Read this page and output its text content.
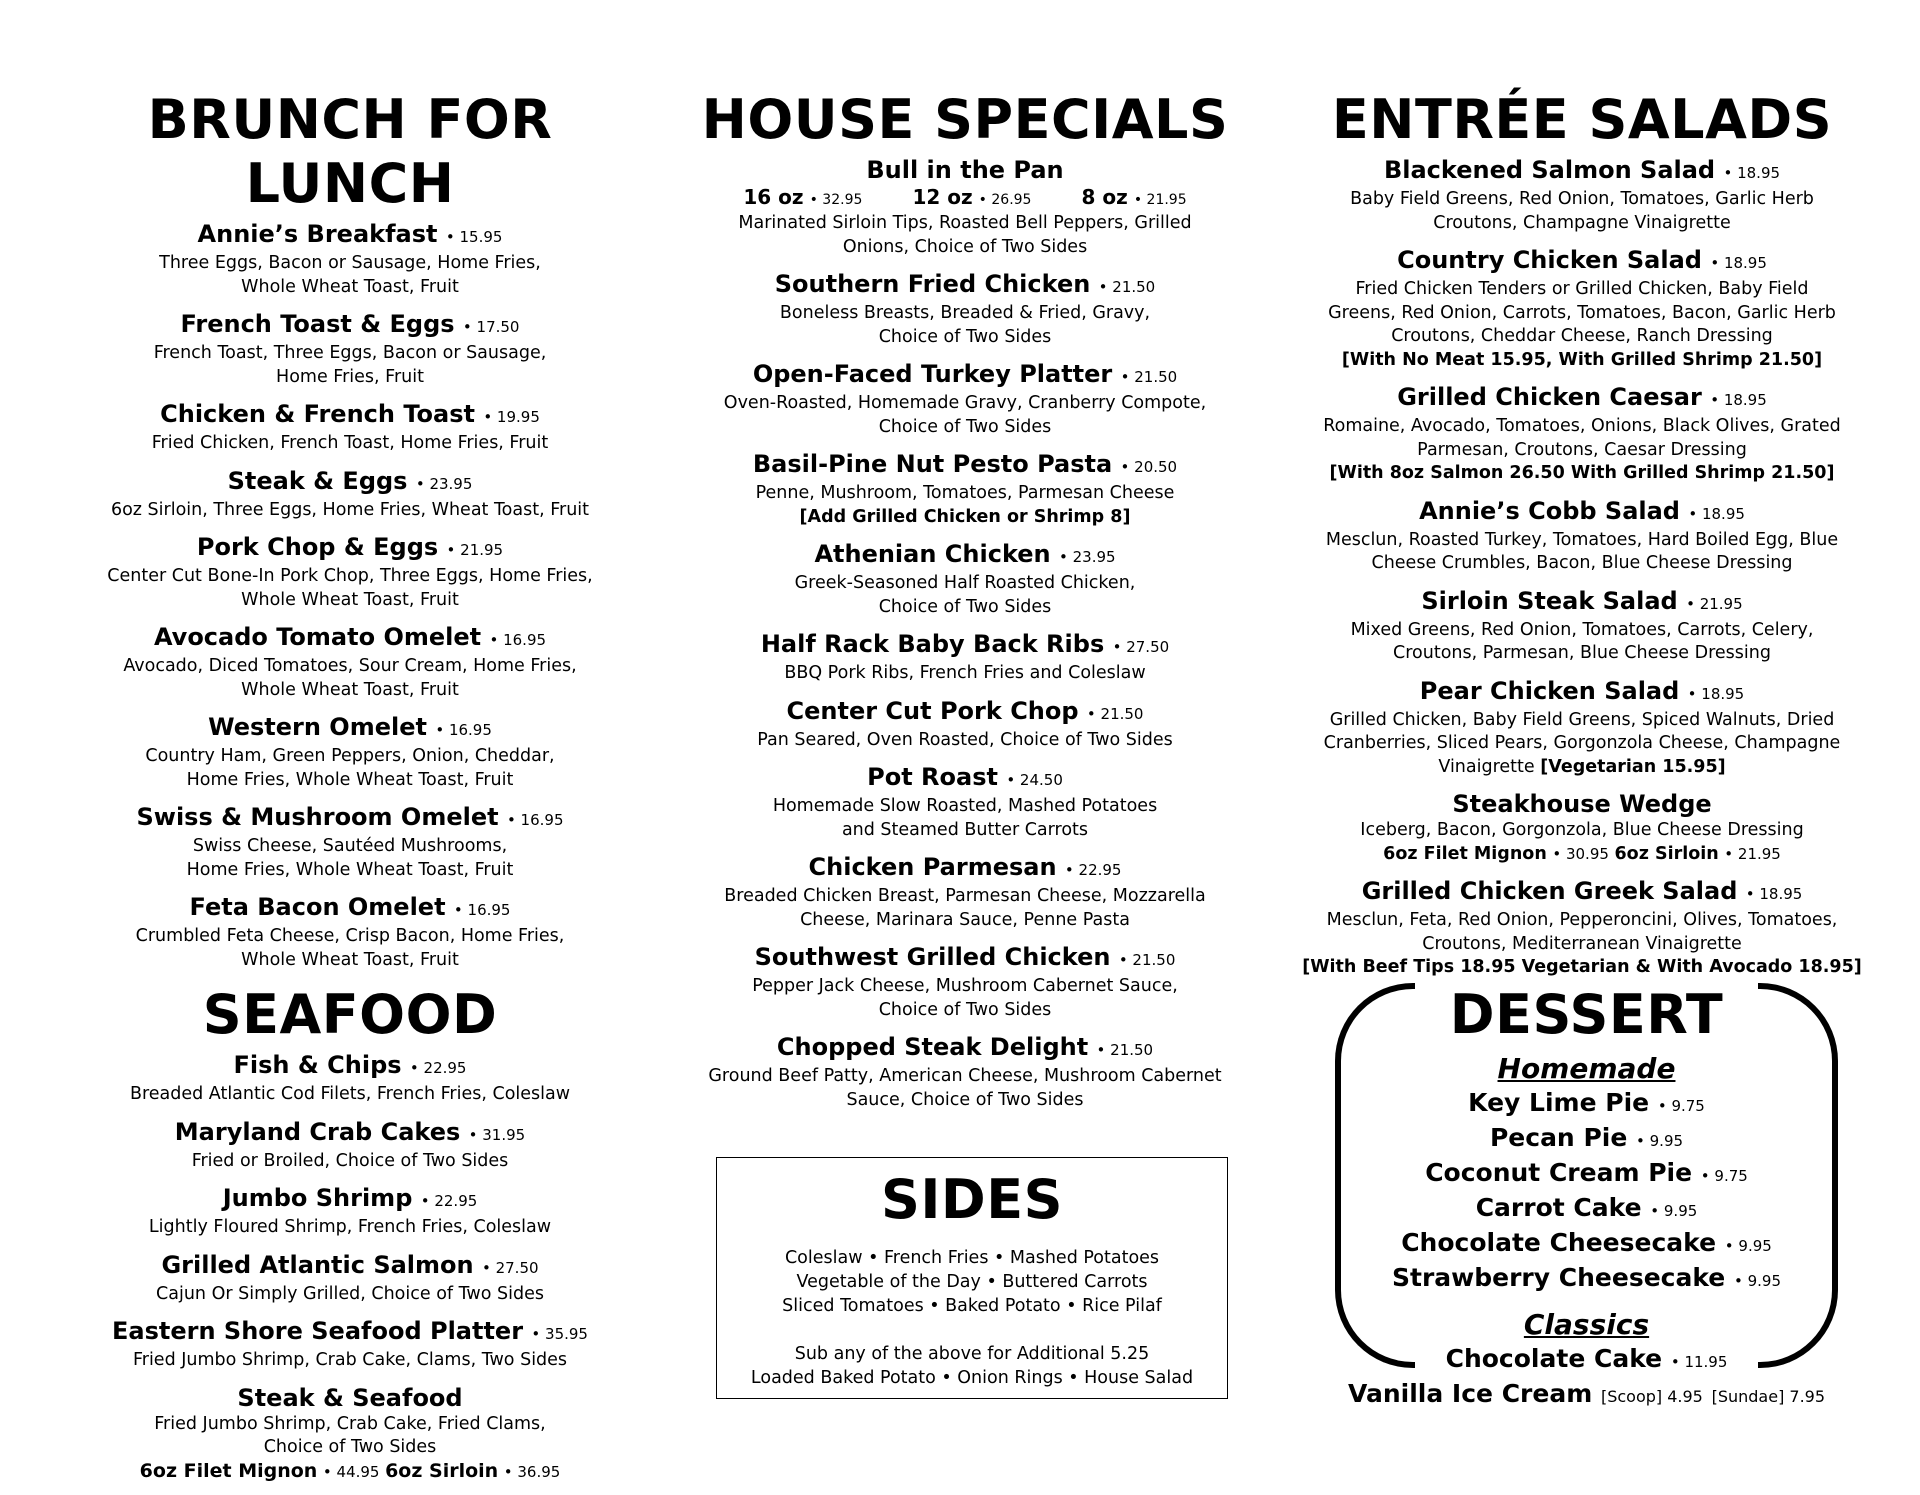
BRUNCH FOR LUNCH
Annie’s Breakfast • 15.95
Three Eggs, Bacon or Sausage, Home Fries,
Whole Wheat Toast, Fruit
French Toast & Eggs • 17.50
French Toast, Three Eggs, Bacon or Sausage,
Home Fries, Fruit
Chicken & French Toast • 19.95
Fried Chicken, French Toast, Home Fries, Fruit
Steak & Eggs • 23.95
6oz Sirloin, Three Eggs, Home Fries, Wheat Toast, Fruit
Pork Chop & Eggs • 21.95
Center Cut Bone-In Pork Chop, Three Eggs, Home Fries,
Whole Wheat Toast, Fruit
Avocado Tomato Omelet • 16.95
Avocado, Diced Tomatoes, Sour Cream, Home Fries,
Whole Wheat Toast, Fruit
Western Omelet • 16.95
Country Ham, Green Peppers, Onion, Cheddar,
Home Fries, Whole Wheat Toast, Fruit
Swiss & Mushroom Omelet • 16.95
Swiss Cheese, Sautéed Mushrooms,
Home Fries, Whole Wheat Toast, Fruit
Feta Bacon Omelet • 16.95
Crumbled Feta Cheese, Crisp Bacon, Home Fries,
Whole Wheat Toast, Fruit
SEAFOOD
Fish & Chips • 22.95
Breaded Atlantic Cod Filets, French Fries, Coleslaw
Maryland Crab Cakes • 31.95
Fried or Broiled, Choice of Two Sides
Jumbo Shrimp • 22.95
Lightly Floured Shrimp, French Fries, Coleslaw
Grilled Atlantic Salmon • 27.50
Cajun Or Simply Grilled, Choice of Two Sides
Eastern Shore Seafood Platter • 35.95
Fried Jumbo Shrimp, Crab Cake, Clams, Two Sides
Steak & Seafood
Fried Jumbo Shrimp, Crab Cake, Fried Clams,
Choice of Two Sides
6oz Filet Mignon • 44.95 6oz Sirloin • 36.95
HOUSE SPECIALS
Bull in the Pan
16 oz • 32.95	12 oz • 26.95	8 oz • 21.95
Marinated Sirloin Tips, Roasted Bell Peppers, Grilled
Onions, Choice of Two Sides
Southern Fried Chicken • 21.50
Boneless Breasts, Breaded & Fried, Gravy,
Choice of Two Sides
Open-Faced Turkey Platter • 21.50
Oven-Roasted, Homemade Gravy, Cranberry Compote,
Choice of Two Sides
Basil-Pine Nut Pesto Pasta • 20.50
Penne, Mushroom, Tomatoes, Parmesan Cheese
[Add Grilled Chicken or Shrimp 8]
Athenian Chicken • 23.95
Greek-Seasoned Half Roasted Chicken,
Choice of Two Sides
Half Rack Baby Back Ribs • 27.50
BBQ Pork Ribs, French Fries and Coleslaw
Center Cut Pork Chop • 21.50
Pan Seared, Oven Roasted, Choice of Two Sides
Pot Roast • 24.50
Homemade Slow Roasted, Mashed Potatoes
and Steamed Butter Carrots
Chicken Parmesan • 22.95
Breaded Chicken Breast, Parmesan Cheese, Mozzarella
Cheese, Marinara Sauce, Penne Pasta
Southwest Grilled Chicken • 21.50
Pepper Jack Cheese, Mushroom Cabernet Sauce,
Choice of Two Sides
Chopped Steak Delight • 21.50
Ground Beef Patty, American Cheese, Mushroom Cabernet
Sauce, Choice of Two Sides
SIDES
Coleslaw • French Fries • Mashed Potatoes
Vegetable of the Day • Buttered Carrots
Sliced Tomatoes • Baked Potato • Rice Pilaf
Sub any of the above for Additional 5.25
Loaded Baked Potato • Onion Rings • House Salad
ENTRÉE SALADS
Blackened Salmon Salad • 18.95
Baby Field Greens, Red Onion, Tomatoes, Garlic Herb
Croutons, Champagne Vinaigrette
Country Chicken Salad • 18.95
Fried Chicken Tenders or Grilled Chicken, Baby Field
Greens, Red Onion, Carrots, Tomatoes, Bacon, Garlic Herb
Croutons, Cheddar Cheese, Ranch Dressing
[With No Meat 15.95, With Grilled Shrimp 21.50]
Grilled Chicken Caesar • 18.95
Romaine, Avocado, Tomatoes, Onions, Black Olives, Grated
Parmesan, Croutons, Caesar Dressing
[With 8oz Salmon 26.50 With Grilled Shrimp 21.50]
Annie’s Cobb Salad • 18.95
Mesclun, Roasted Turkey, Tomatoes, Hard Boiled Egg, Blue
Cheese Crumbles, Bacon, Blue Cheese Dressing
Sirloin Steak Salad • 21.95
Mixed Greens, Red Onion, Tomatoes, Carrots, Celery,
Croutons, Parmesan, Blue Cheese Dressing
Pear Chicken Salad • 18.95
Grilled Chicken, Baby Field Greens, Spiced Walnuts, Dried
Cranberries, Sliced Pears, Gorgonzola Cheese, Champagne
Vinaigrette [Vegetarian 15.95]
Steakhouse Wedge
Iceberg, Bacon, Gorgonzola, Blue Cheese Dressing
6oz Filet Mignon • 30.95 6oz Sirloin • 21.95
Grilled Chicken Greek Salad • 18.95
Mesclun, Feta, Red Onion, Pepperoncini, Olives, Tomatoes,
Croutons, Mediterranean Vinaigrette
[With Beef Tips 18.95 Vegetarian & With Avocado 18.95]
DESSERT
Homemade
Key Lime Pie • 9.75
Pecan Pie • 9.95
Coconut Cream Pie • 9.75
Carrot Cake • 9.95
Chocolate Cheesecake • 9.95
Strawberry Cheesecake • 9.95
Classics
Chocolate Cake • 11.95
Vanilla Ice Cream [Scoop] 4.95 [Sundae] 7.95
